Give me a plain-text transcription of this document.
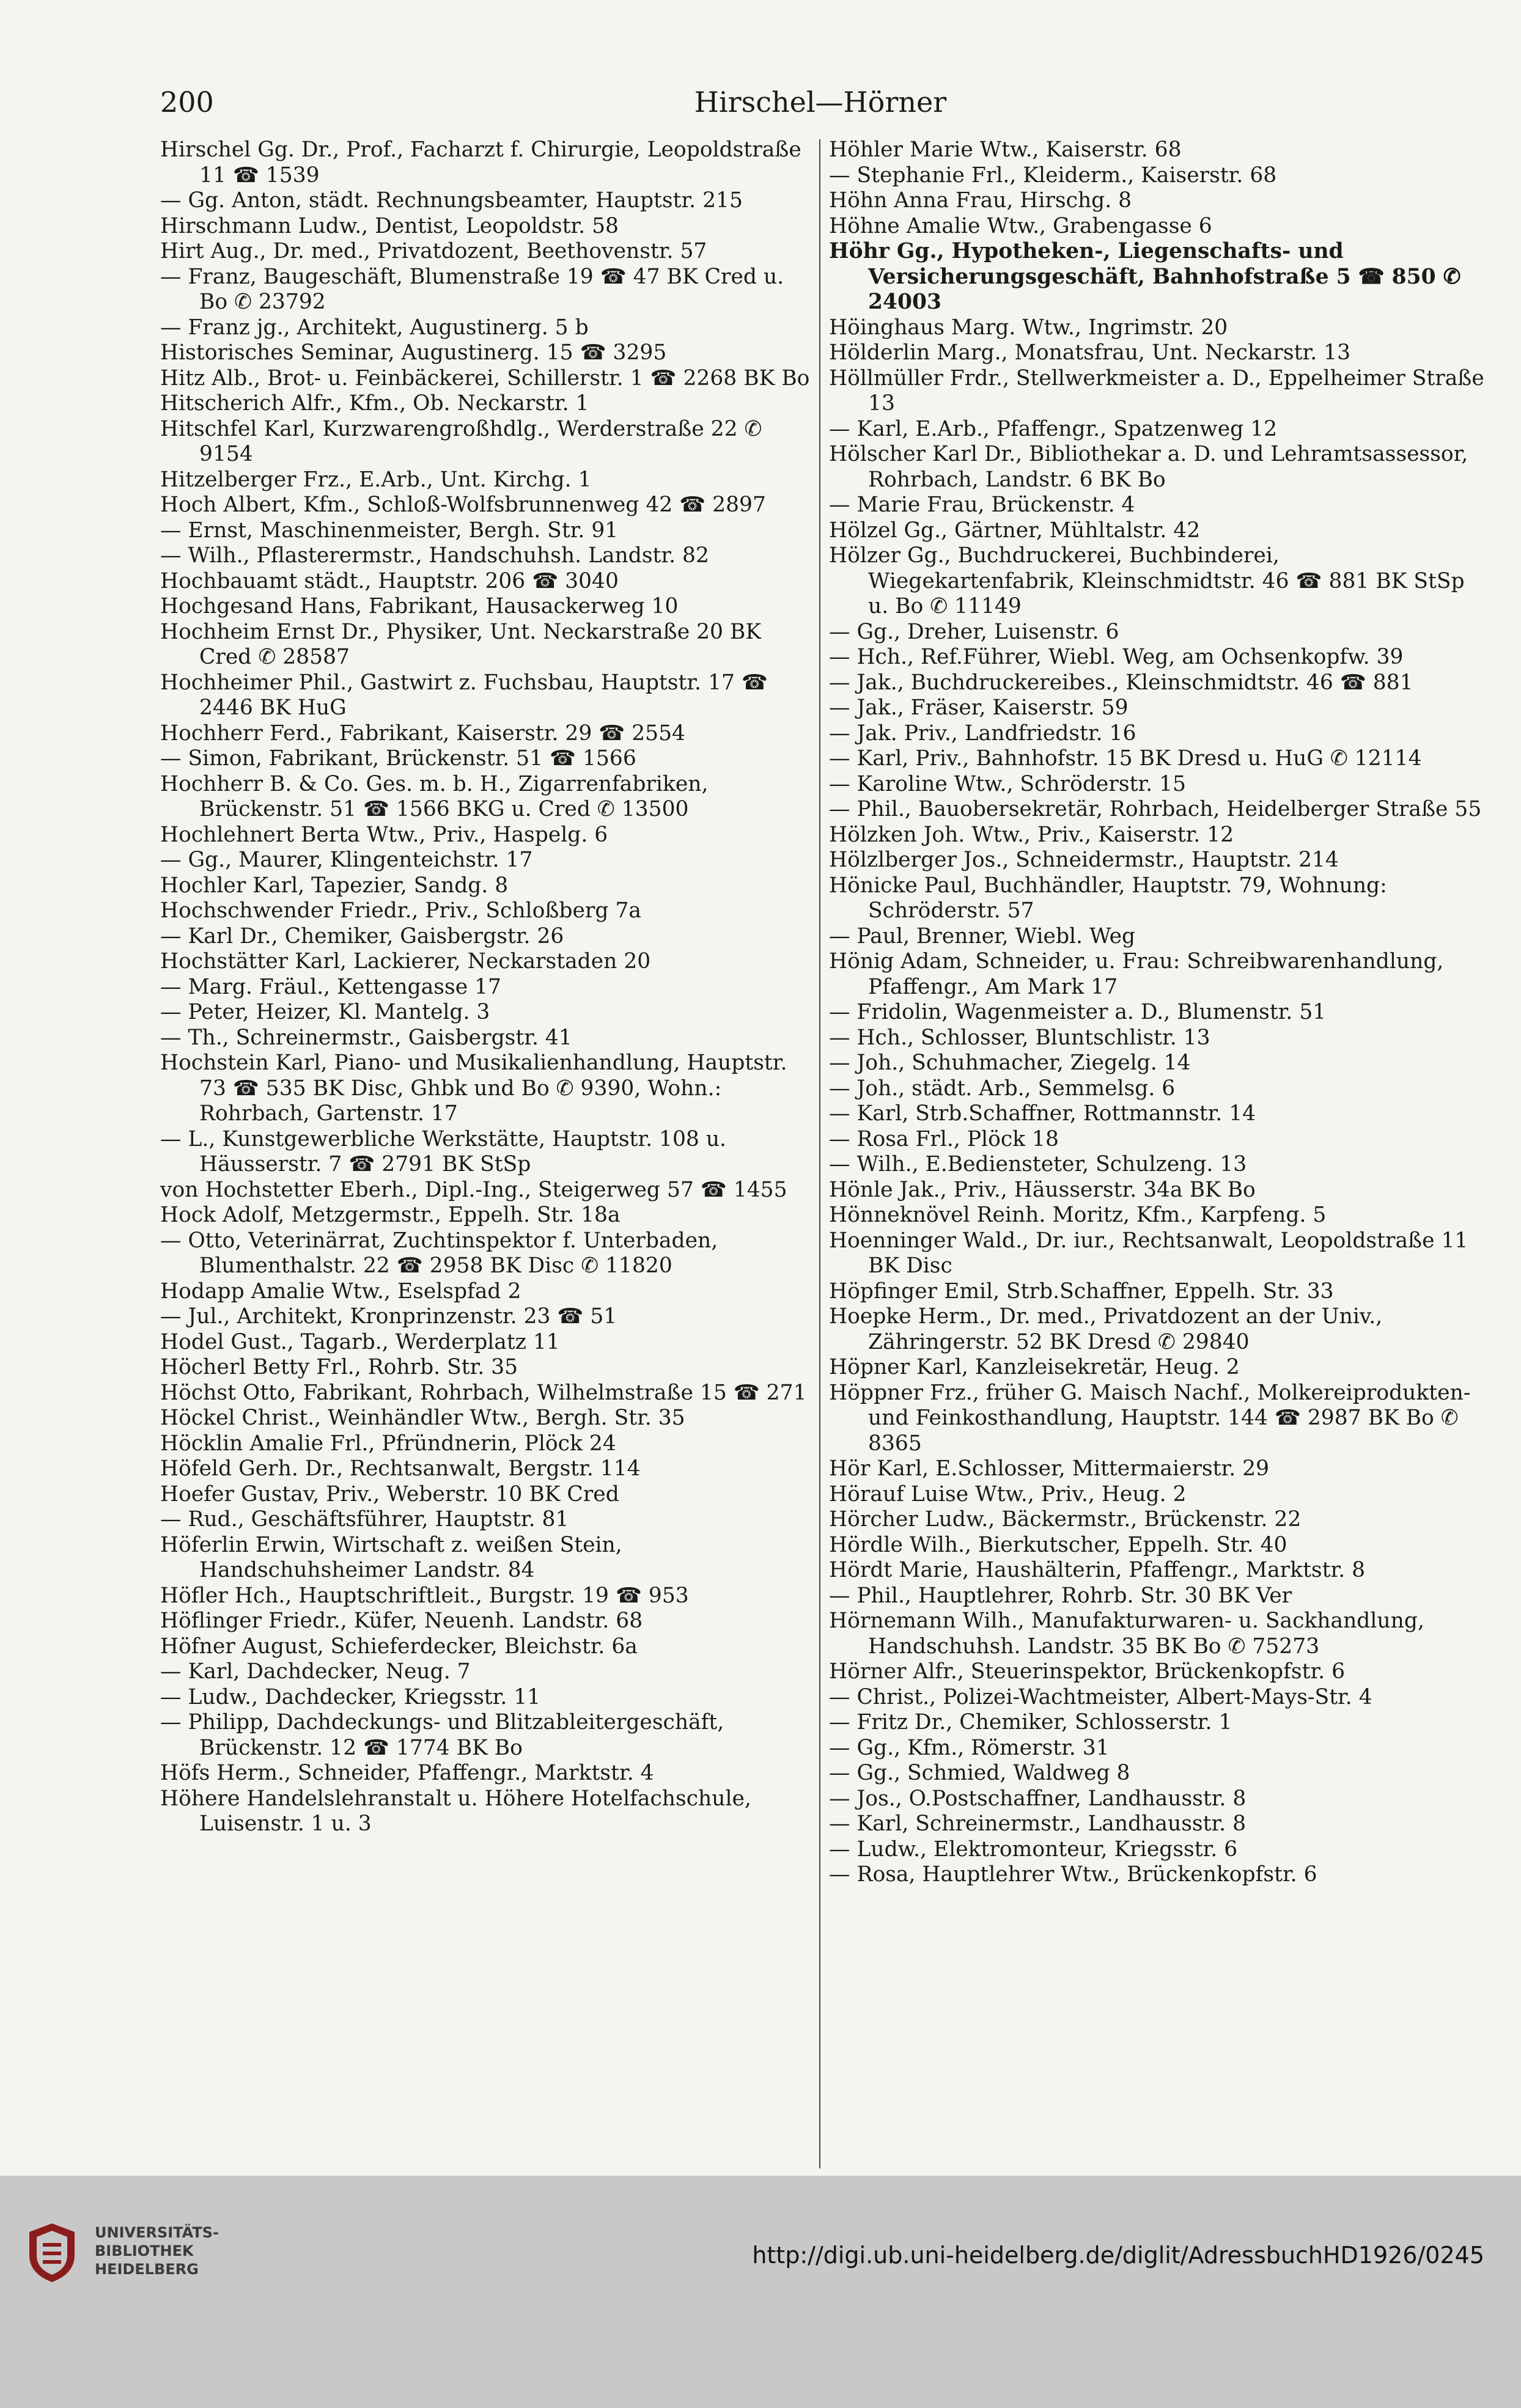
200	Hirschel—Hörner
Hirschel Gg. Dr., Prof., Facharzt f. Chirurgie, Leopoldstraße 11 ☎ 1539
— Gg. Anton, städt. Rechnungsbeamter, Hauptstr. 215
Hirschmann Ludw., Dentist, Leopoldstr. 58
Hirt Aug., Dr. med., Privatdozent, Beethovenstr. 57
— Franz, Baugeschäft, Blumenstraße 19 ☎ 47 BK Cred u. Bo ✆ 23792
— Franz jg., Architekt, Augustinerg. 5 b
Historisches Seminar, Augustinerg. 15 ☎ 3295
Hitz Alb., Brot- u. Feinbäckerei, Schillerstr. 1 ☎ 2268 BK Bo
Hitscherich Alfr., Kfm., Ob. Neckarstr. 1
Hitschfel Karl, Kurzwarengroßhdlg., Werderstraße 22 ✆ 9154
Hitzelberger Frz., E.Arb., Unt. Kirchg. 1
Hoch Albert, Kfm., Schloß-Wolfsbrunnenweg 42 ☎ 2897
— Ernst, Maschinenmeister, Bergh. Str. 91
— Wilh., Pflasterermstr., Handschuhsh. Landstr. 82
Hochbauamt städt., Hauptstr. 206 ☎ 3040
Hochgesand Hans, Fabrikant, Hausackerweg 10
Hochheim Ernst Dr., Physiker, Unt. Neckarstraße 20 BK Cred ✆ 28587
Hochheimer Phil., Gastwirt z. Fuchsbau, Hauptstr. 17 ☎ 2446 BK HuG
Hochherr Ferd., Fabrikant, Kaiserstr. 29 ☎ 2554
— Simon, Fabrikant, Brückenstr. 51 ☎ 1566
Hochherr B. & Co. Ges. m. b. H., Zigarrenfabriken, Brückenstr. 51 ☎ 1566 BKG u. Cred ✆ 13500
Hochlehnert Berta Wtw., Priv., Haspelg. 6
— Gg., Maurer, Klingenteichstr. 17
Hochler Karl, Tapezier, Sandg. 8
Hochschwender Friedr., Priv., Schloßberg 7a
— Karl Dr., Chemiker, Gaisbergstr. 26
Hochstätter Karl, Lackierer, Neckarstaden 20
— Marg. Fräul., Kettengasse 17
— Peter, Heizer, Kl. Mantelg. 3
— Th., Schreinermstr., Gaisbergstr. 41
Hochstein Karl, Piano- und Musikalienhandlung, Hauptstr. 73 ☎ 535 BK Disc, Ghbk und Bo ✆ 9390, Wohn.: Rohrbach, Gartenstr. 17
— L., Kunstgewerbliche Werkstätte, Hauptstr. 108 u. Häusserstr. 7 ☎ 2791 BK StSp
von Hochstetter Eberh., Dipl.-Ing., Steigerweg 57 ☎ 1455
Hock Adolf, Metzgermstr., Eppelh. Str. 18a
— Otto, Veterinärrat, Zuchtinspektor f. Unterbaden, Blumenthalstr. 22 ☎ 2958 BK Disc ✆ 11820
Hodapp Amalie Wtw., Eselspfad 2
— Jul., Architekt, Kronprinzenstr. 23 ☎ 51
Hodel Gust., Tagarb., Werderplatz 11
Höcherl Betty Frl., Rohrb. Str. 35
Höchst Otto, Fabrikant, Rohrbach, Wilhelmstraße 15 ☎ 271
Höckel Christ., Weinhändler Wtw., Bergh. Str. 35
Höcklin Amalie Frl., Pfründnerin, Plöck 24
Höfeld Gerh. Dr., Rechtsanwalt, Bergstr. 114
Hoefer Gustav, Priv., Weberstr. 10 BK Cred
— Rud., Geschäftsführer, Hauptstr. 81
Höferlin Erwin, Wirtschaft z. weißen Stein, Handschuhsheimer Landstr. 84
Höfler Hch., Hauptschriftleit., Burgstr. 19 ☎ 953
Höflinger Friedr., Küfer, Neuenh. Landstr. 68
Höfner August, Schieferdecker, Bleichstr. 6a
— Karl, Dachdecker, Neug. 7
— Ludw., Dachdecker, Kriegsstr. 11
— Philipp, Dachdeckungs- und Blitzableitergeschäft, Brückenstr. 12 ☎ 1774 BK Bo
Höfs Herm., Schneider, Pfaffengr., Marktstr. 4
Höhere Handelslehranstalt u. Höhere Hotelfachschule, Luisenstr. 1 u. 3
Höhler Marie Wtw., Kaiserstr. 68
— Stephanie Frl., Kleiderm., Kaiserstr. 68
Höhn Anna Frau, Hirschg. 8
Höhne Amalie Wtw., Grabengasse 6
Höhr Gg., Hypotheken-, Liegenschafts- und Versicherungsgeschäft, Bahnhofstraße 5 ☎ 850 ✆ 24003
Höinghaus Marg. Wtw., Ingrimstr. 20
Hölderlin Marg., Monatsfrau, Unt. Neckarstr. 13
Höllmüller Frdr., Stellwerkmeister a. D., Eppelheimer Straße 13
— Karl, E.Arb., Pfaffengr., Spatzenweg 12
Hölscher Karl Dr., Bibliothekar a. D. und Lehramtsassessor, Rohrbach, Landstr. 6 BK Bo
— Marie Frau, Brückenstr. 4
Hölzel Gg., Gärtner, Mühltalstr. 42
Hölzer Gg., Buchdruckerei, Buchbinderei, Wiegekartenfabrik, Kleinschmidtstr. 46 ☎ 881 BK StSp u. Bo ✆ 11149
— Gg., Dreher, Luisenstr. 6
— Hch., Ref.Führer, Wiebl. Weg, am Ochsenkopfw. 39
— Jak., Buchdruckereibes., Kleinschmidtstr. 46 ☎ 881
— Jak., Fräser, Kaiserstr. 59
— Jak. Priv., Landfriedstr. 16
— Karl, Priv., Bahnhofstr. 15 BK Dresd u. HuG ✆ 12114
— Karoline Wtw., Schröderstr. 15
— Phil., Bauobersekretär, Rohrbach, Heidelberger Straße 55
Hölzken Joh. Wtw., Priv., Kaiserstr. 12
Hölzlberger Jos., Schneidermstr., Hauptstr. 214
Hönicke Paul, Buchhändler, Hauptstr. 79, Wohnung: Schröderstr. 57
— Paul, Brenner, Wiebl. Weg
Hönig Adam, Schneider, u. Frau: Schreibwarenhandlung, Pfaffengr., Am Mark 17
— Fridolin, Wagenmeister a. D., Blumenstr. 51
— Hch., Schlosser, Bluntschlistr. 13
— Joh., Schuhmacher, Ziegelg. 14
— Joh., städt. Arb., Semmelsg. 6
— Karl, Strb.Schaffner, Rottmannstr. 14
— Rosa Frl., Plöck 18
— Wilh., E.Bediensteter, Schulzeng. 13
Hönle Jak., Priv., Häusserstr. 34a BK Bo
Hönneknövel Reinh. Moritz, Kfm., Karpfeng. 5
Hoenninger Wald., Dr. iur., Rechtsanwalt, Leopoldstraße 11 BK Disc
Höpfinger Emil, Strb.Schaffner, Eppelh. Str. 33
Hoepke Herm., Dr. med., Privatdozent an der Univ., Zähringerstr. 52 BK Dresd ✆ 29840
Höpner Karl, Kanzleisekretär, Heug. 2
Höppner Frz., früher G. Maisch Nachf., Molkereiprodukten- und Feinkosthandlung, Hauptstr. 144 ☎ 2987 BK Bo ✆ 8365
Hör Karl, E.Schlosser, Mittermaierstr. 29
Hörauf Luise Wtw., Priv., Heug. 2
Hörcher Ludw., Bäckermstr., Brückenstr. 22
Hördle Wilh., Bierkutscher, Eppelh. Str. 40
Hördt Marie, Haushälterin, Pfaffengr., Marktstr. 8
— Phil., Hauptlehrer, Rohrb. Str. 30 BK Ver
Hörnemann Wilh., Manufakturwaren- u. Sackhandlung, Handschuhsh. Landstr. 35 BK Bo ✆ 75273
Hörner Alfr., Steuerinspektor, Brückenkopfstr. 6
— Christ., Polizei-Wachtmeister, Albert-Mays-Str. 4
— Fritz Dr., Chemiker, Schlosserstr. 1
— Gg., Kfm., Römerstr. 31
— Gg., Schmied, Waldweg 8
— Jos., O.Postschaffner, Landhausstr. 8
— Karl, Schreinermstr., Landhausstr. 8
— Ludw., Elektromonteur, Kriegsstr. 6
— Rosa, Hauptlehrer Wtw., Brückenkopfstr. 6
UNIVERSITÄTS-
BIBLIOTHEK
HEIDELBERG
http://digi.ub.uni-heidelberg.de/diglit/AdressbuchHD1926/0245
